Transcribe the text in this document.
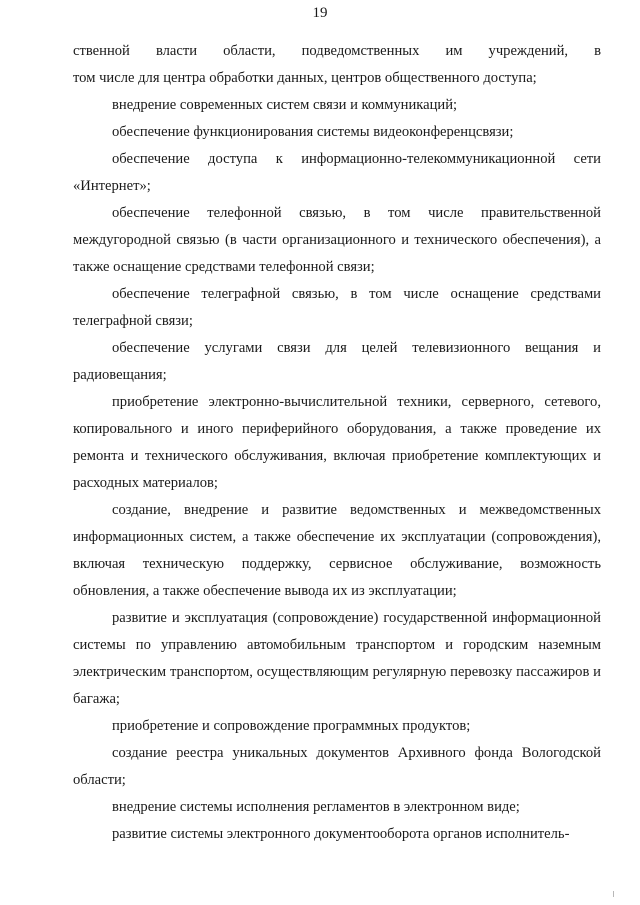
19

ственной власти области, подведомственных им учреждений, в

том числе для центра обработки данных, центров общественного доступа;

внедрение современных систем связи и коммуникаций;

обеспечение функционирования системы видеоконференцсвязи;

обеспечение доступа к информационно-телекоммуникационной сети «Интернет»;

обеспечение телефонной связью, в том числе правительственной междугородной связью (в части организационного и технического обеспечения), а также оснащение средствами телефонной связи;

обеспечение телеграфной связью, в том числе оснащение средствами телеграфной связи;

обеспечение услугами связи для целей телевизионного вещания и радиовещания;

приобретение электронно-вычислительной техники, серверного, сетевого, копировального и иного периферийного оборудования, а также проведение их ремонта и технического обслуживания, включая приобретение комплектующих и расходных материалов;

создание, внедрение и развитие ведомственных и межведомственных информационных систем, а также обеспечение их эксплуатации (сопровождения), включая техническую поддержку, сервисное обслуживание, возможность обновления, а также обеспечение вывода их из эксплуатации;

развитие и эксплуатация (сопровождение) государственной информационной системы по управлению автомобильным транспортом и городским наземным электрическим транспортом, осуществляющим регулярную перевозку пассажиров и багажа;

приобретение и сопровождение программных продуктов;

создание реестра уникальных документов Архивного фонда Вологодской области;

внедрение системы исполнения регламентов в электронном виде;

развитие системы электронного документооборота органов исполнитель-
